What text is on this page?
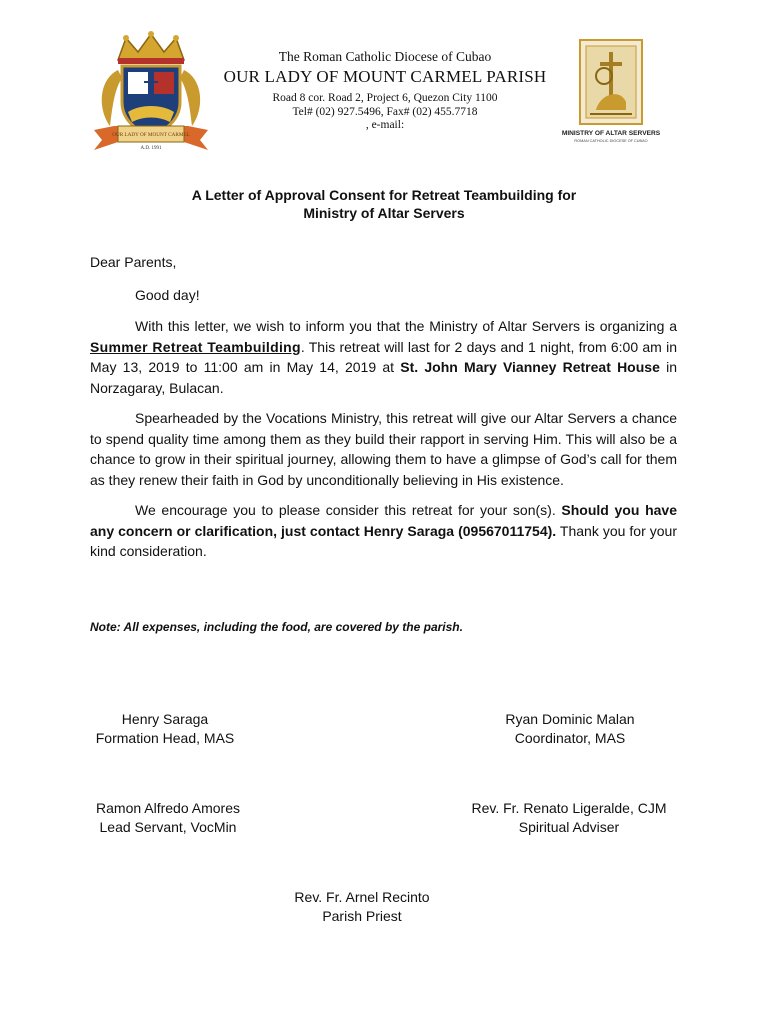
OUR LADY OF MOUNT CARMEL
A.D. 1991
The Roman Catholic Diocese of Cubao
OUR LADY OF MOUNT CARMEL PARISH
Road 8 cor. Road 2, Project 6, Quezon City 1100
Tel# (02) 927.5496, Fax# (02) 455.7718
, e-mail:
MINISTRY OF ALTAR SERVERS
ROMAN CATHOLIC DIOCESE OF CUBAO
A Letter of Approval Consent for Retreat Teambuilding for
Ministry of Altar Servers

Dear Parents,

Good day!

With this letter, we wish to inform you that the Ministry of Altar Servers is organizing a Summer Retreat Teambuilding. This retreat will last for 2 days and 1 night, from 6:00 am in May 13, 2019 to 11:00 am in May 14, 2019 at St. John Mary Vianney Retreat House in Norzagaray, Bulacan.

Spearheaded by the Vocations Ministry, this retreat will give our Altar Servers a chance to spend quality time among them as they build their rapport in serving Him. This will also be a chance to grow in their spiritual journey, allowing them to have a glimpse of God’s call for them as they renew their faith in God by unconditionally believing in His existence.

We encourage you to please consider this retreat for your son(s). Should you have any concern or clarification, just contact Henry Saraga (09567011754). Thank you for your kind consideration.

Note: All expenses, including the food, are covered by the parish.
Henry Saraga
Formation Head, MAS
Ryan Dominic Malan
Coordinator, MAS
Ramon Alfredo Amores
Lead Servant, VocMin
Rev. Fr. Renato Ligeralde, CJM
Spiritual Adviser
Rev. Fr. Arnel Recinto
Parish Priest
